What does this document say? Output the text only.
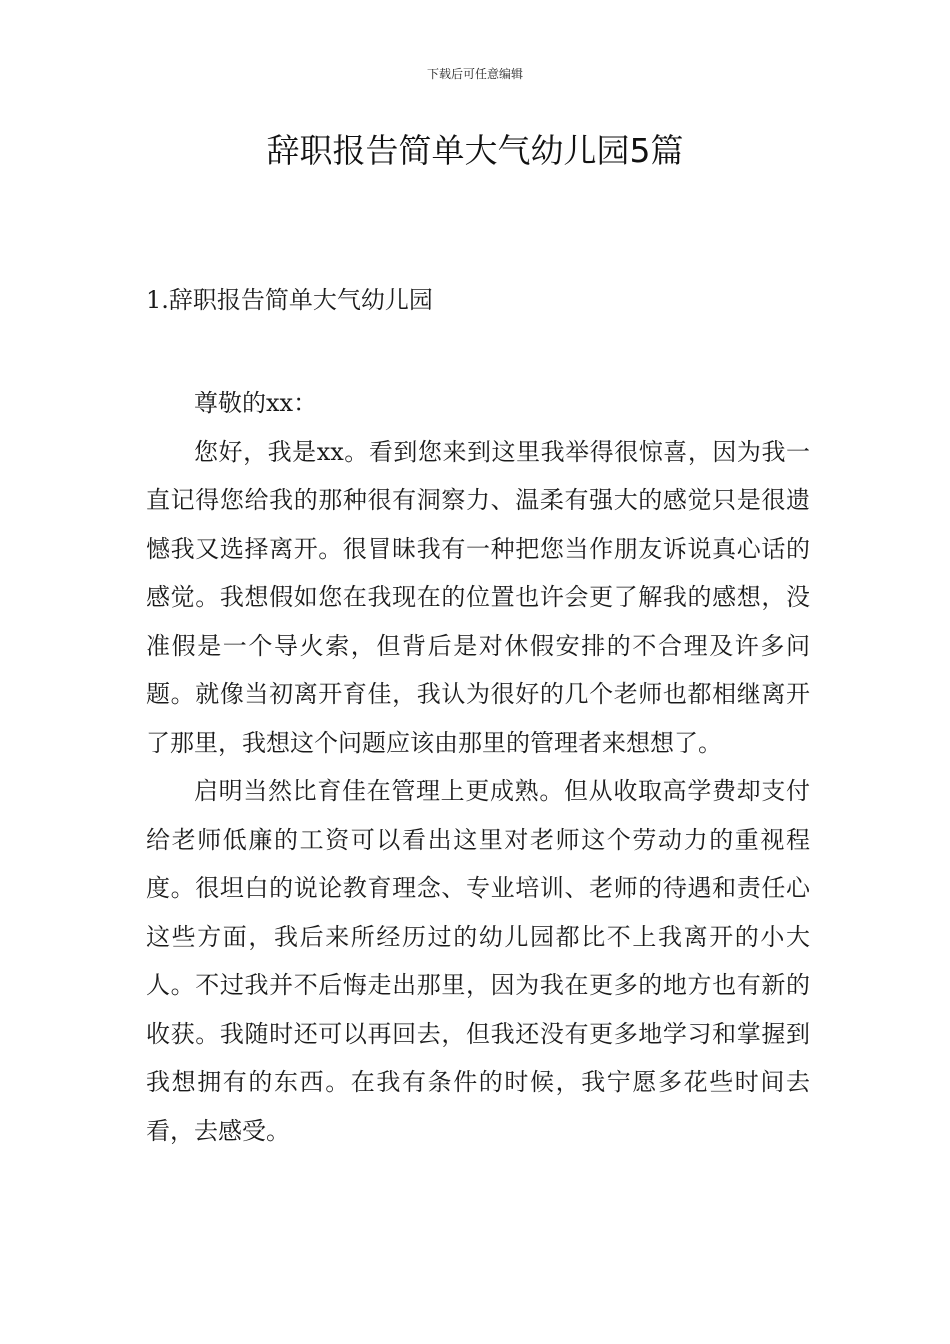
下载后可任意编辑
辞职报告简单大气幼儿园5篇
1.辞职报告简单大气幼儿园

尊敬的xx：

您好，我是xx。看到您来到这里我举得很惊喜，因为我一直记得您给我的那种很有洞察力、温柔有强大的感觉只是很遗憾我又选择离开。很冒昧我有一种把您当作朋友诉说真心话的感觉。我想假如您在我现在的位置也许会更了解我的感想，没准假是一个导火索，但背后是对休假安排的不合理及许多问题。就像当初离开育佳，我认为很好的几个老师也都相继离开了那里，我想这个问题应该由那里的管理者来想想了。

启明当然比育佳在管理上更成熟。但从收取高学费却支付给老师低廉的工资可以看出这里对老师这个劳动力的重视程度。很坦白的说论教育理念、专业培训、老师的待遇和责任心这些方面，我后来所经历过的幼儿园都比不上我离开的小大人。不过我并不后悔走出那里，因为我在更多的地方也有新的收获。我随时还可以再回去，但我还没有更多地学习和掌握到我想拥有的东西。在我有条件的时候，我宁愿多花些时间去看，去感受。
